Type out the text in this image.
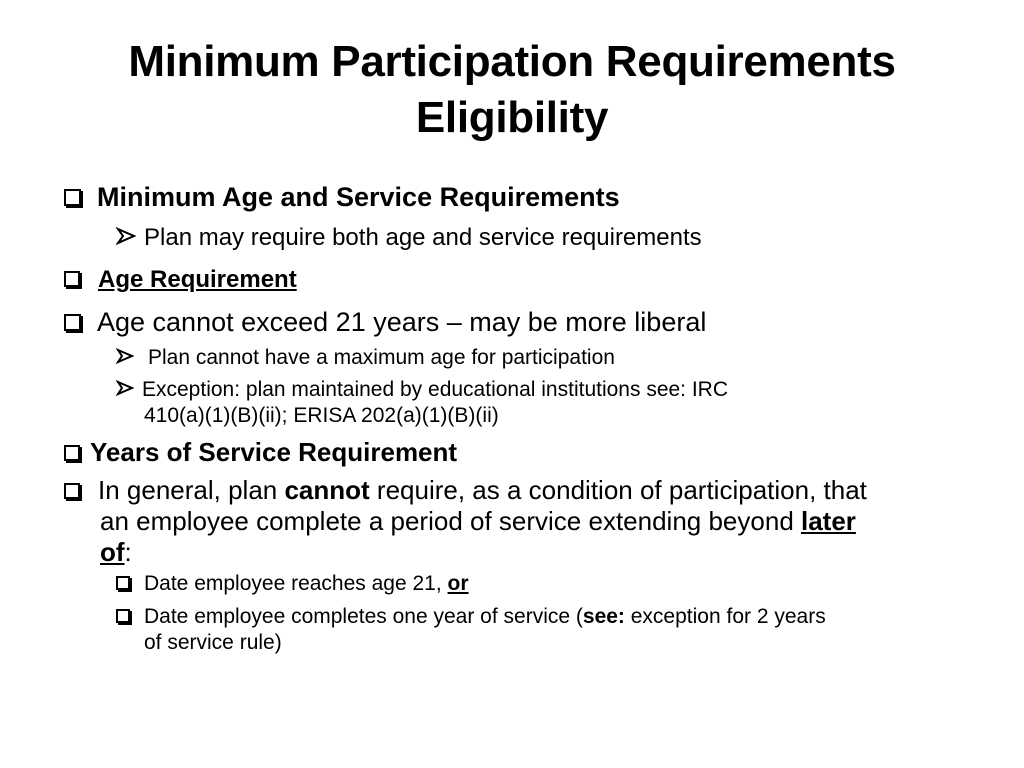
Minimum Participation Requirements
Eligibility
Minimum Age and Service Requirements
Plan may require both age and service requirements
Age Requirement
Age cannot exceed 21 years – may be more liberal
Plan cannot have a maximum age for participation
Exception: plan maintained by educational institutions see: IRC
410(a)(1)(B)(ii); ERISA 202(a)(1)(B)(ii)
Years of Service Requirement
In general, plan cannot require, as a condition of participation, that
an employee complete a period of service extending beyond later
of:
Date employee reaches age 21, or
Date employee completes one year of service (see: exception for 2 years
of service rule)
